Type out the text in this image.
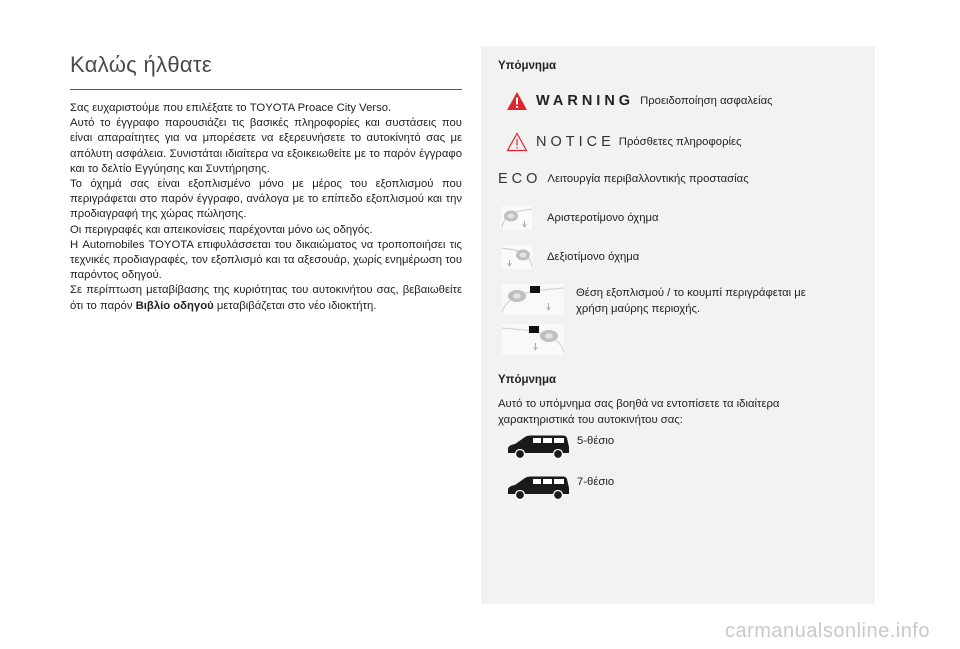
Καλώς ήλθατε

Σας ευχαριστούμε που επιλέξατε το TOYOTA Proace City Verso.

Αυτό το έγγραφο παρουσιάζει τις βασικές πληροφορίες και συστάσεις που είναι απαραίτητες για να μπορέσετε να εξερευνήσετε το αυτοκίνητό σας με απόλυτη ασφάλεια. Συνιστάται ιδιαίτερα να εξοικειωθείτε με το παρόν έγγραφο και το δελτίο Εγγύησης και Συντήρησης.

Το όχημά σας είναι εξοπλισμένο μόνο με μέρος του εξοπλισμού που περιγράφεται στο παρόν έγγραφο, ανάλογα με το επίπεδο εξοπλισμού και την προδιαγραφή της χώρας πώλησης.

Οι περιγραφές και απεικονίσεις παρέχονται μόνο ως οδηγός.

Η Automobiles TOYOTA επιφυλάσσεται του δικαιώματος να τροποποιήσει τις τεχνικές προδιαγραφές, τον εξοπλισμό και τα αξεσουάρ, χωρίς ενημέρωση του παρόντος οδηγού.

Σε περίπτωση μεταβίβασης της κυριότητας του αυτοκινήτου σας, βεβαιωθείτε ότι το παρόν Βιβλίο οδηγού μεταβιβάζεται στο νέο ιδιοκτήτη.

Υπόμνημα
WARNING Προειδοποίηση ασφαλείας
NOTICE Πρόσθετες πληροφορίες
ECO Λειτουργία περιβαλλοντικής προστασίας
Αριστεροτίμονο όχημα
Δεξιοτίμονο όχημα
Θέση εξοπλισμού / το κουμπί περιγράφεται με
χρήση μαύρης περιοχής.
Υπόμνημα
Αυτό το υπόμνημα σας βοηθά να εντοπίσετε τα ιδιαίτερα χαρακτηριστικά του αυτοκινήτου σας:
5-θέσιο
7-θέσιο
carmanualsonline.info
